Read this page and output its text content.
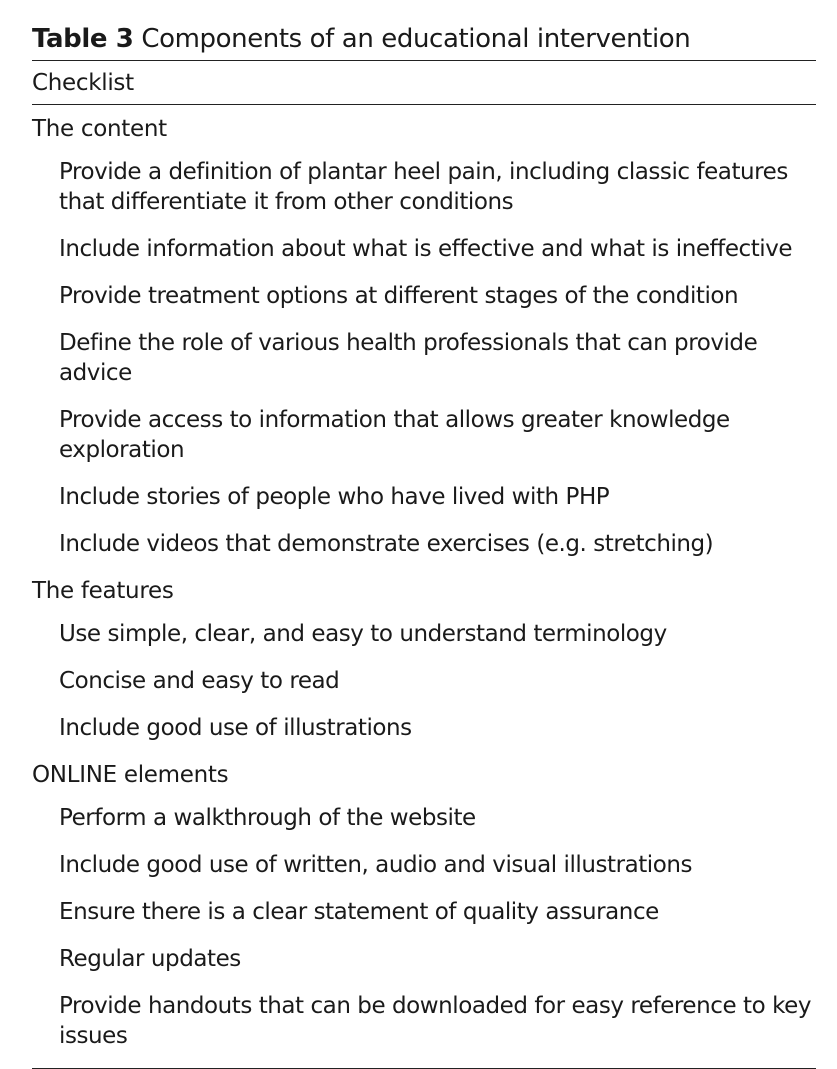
Table 3 Components of an educational intervention
Checklist
The content
Provide a definition of plantar heel pain, including classic features that differentiate it from other conditions
Include information about what is effective and what is ineffective
Provide treatment options at different stages of the condition
Define the role of various health professionals that can provide advice
Provide access to information that allows greater knowledge exploration
Include stories of people who have lived with PHP
Include videos that demonstrate exercises (e.g. stretching)
The features
Use simple, clear, and easy to understand terminology
Concise and easy to read
Include good use of illustrations
ONLINE elements
Perform a walkthrough of the website
Include good use of written, audio and visual illustrations
Ensure there is a clear statement of quality assurance
Regular updates
Provide handouts that can be downloaded for easy reference to key issues
